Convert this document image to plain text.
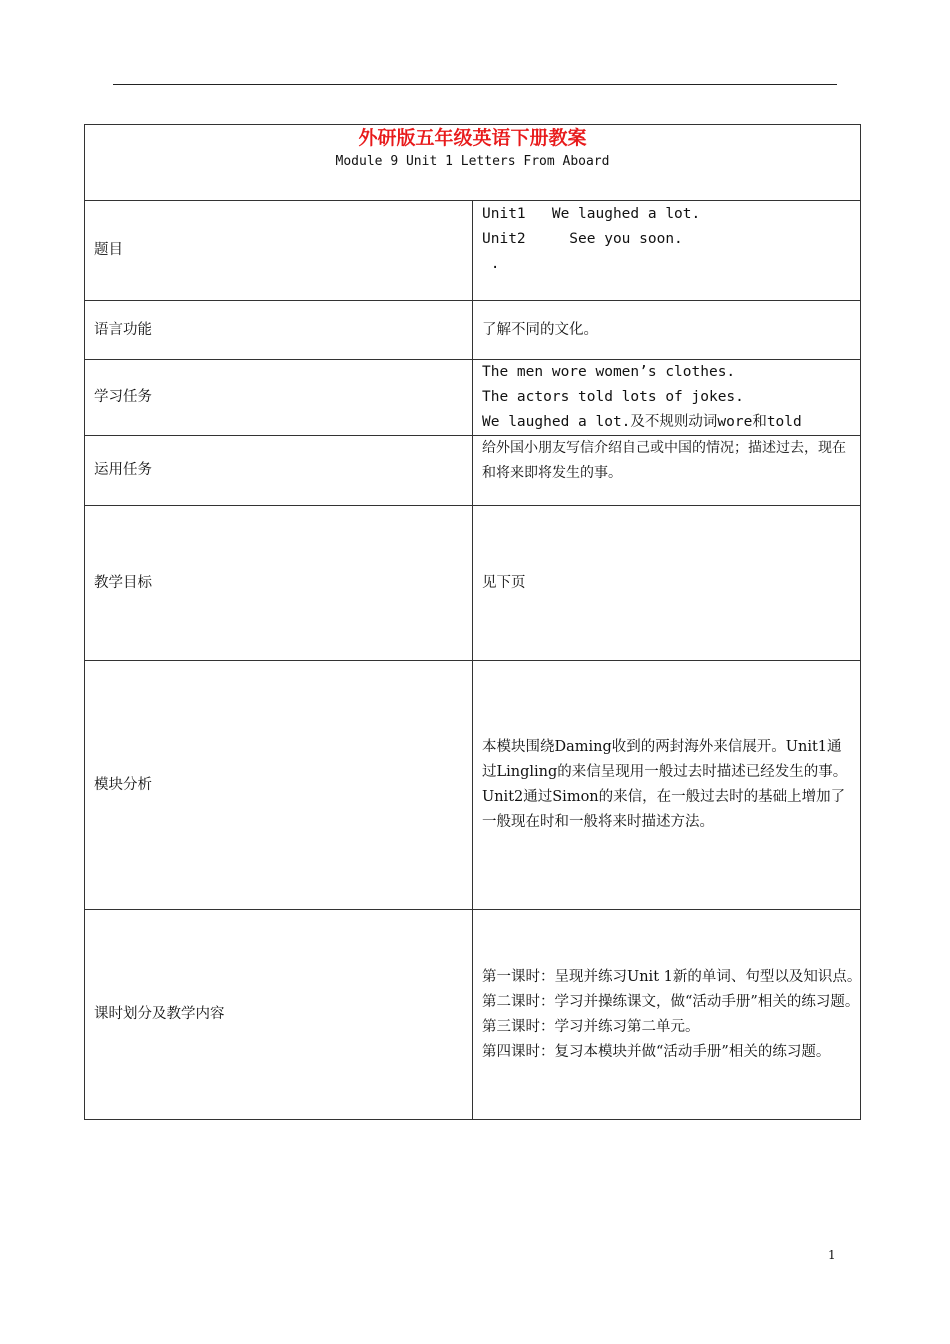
外研版五年级英语下册教案
Module 9 Unit 1 Letters From Aboard	

题目	Unit1   We laughed a lot.
Unit2     See you soon.
.

语言功能	了解不同的文化。
学习任务	The men wore women’s clothes.
The actors told lots of jokes.
We laughed a lot.及不规则动词wore和told

运用任务	给外国小朋友写信介绍自己或中国的情况；描述过去，现在和将来即将发生的事。
教学目标	见下页
模块分析	本模块围绕Daming收到的两封海外来信展开。Unit1通过Lingling的来信呈现用一般过去时描述已经发生的事。Unit2通过Simon的来信，在一般过去时的基础上增加了一般现在时和一般将来时描述方法。
课时划分及教学内容	第一课时：呈现并练习Unit 1新的单词、句型以及知识点。
第二课时：学习并操练课文，做“活动手册”相关的练习题。
第三课时：学习并练习第二单元。
第四课时：复习本模块并做“活动手册”相关的练习题。
1
